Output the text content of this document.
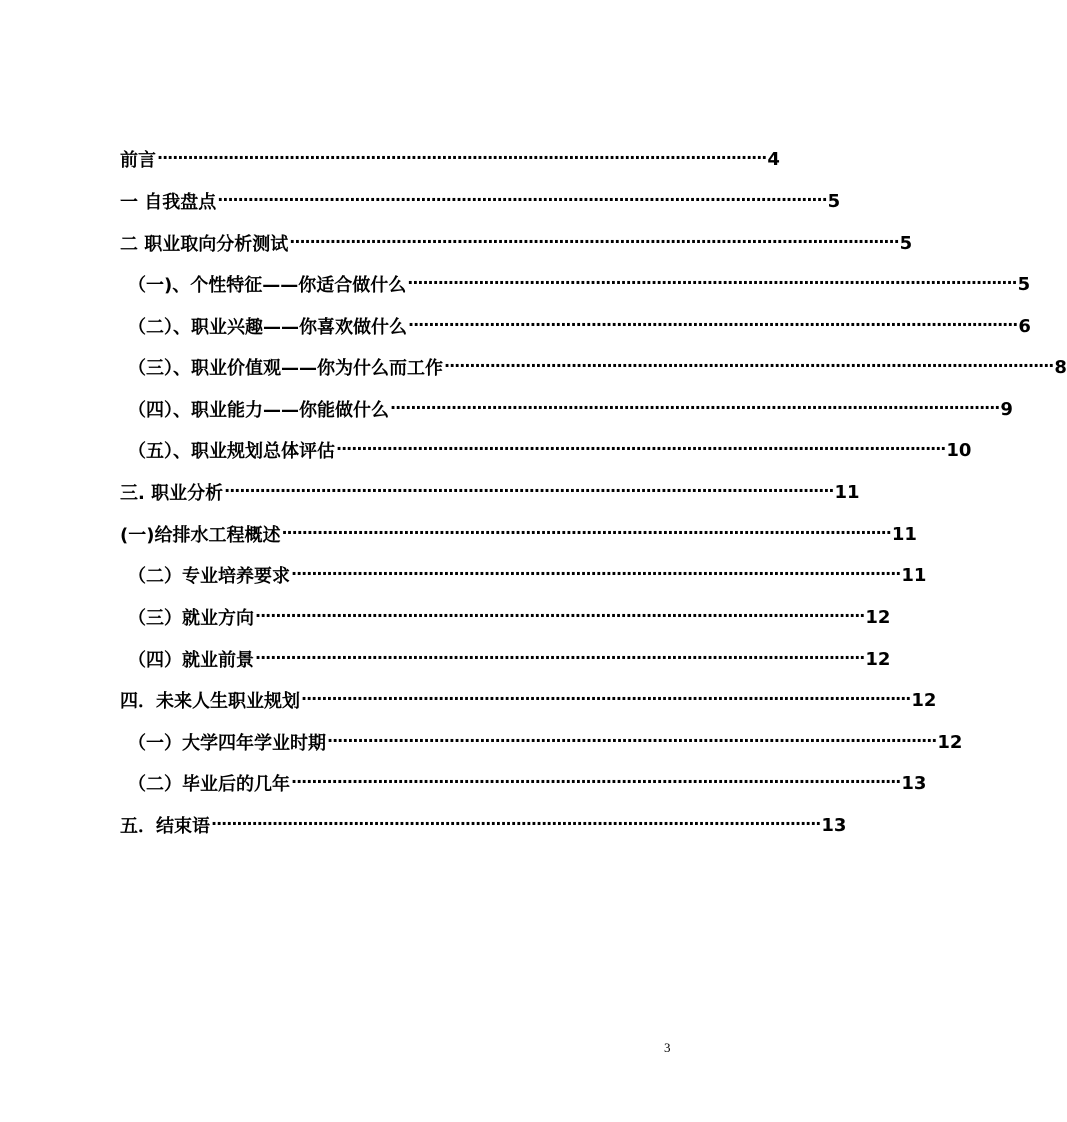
前言 ························································································································ 4
一 自我盘点 ························································································································ 5
二 职业取向分析测试 ························································································································ 5
（一)、个性特征——你适合做什么 ························································································································ 5
（二）、职业兴趣——你喜欢做什么 ························································································································ 6
（三）、职业价值观——你为什么而工作 ························································································································ 8
（四）、职业能力——你能做什么 ························································································································ 9
（五）、职业规划总体评估 ························································································································ 10
三. 职业分析 ························································································································ 11
(一)给排水工程概述 ························································································································ 11
（二）专业培养要求 ························································································································ 11
（三）就业方向 ························································································································ 12
（四）就业前景 ························································································································ 12
四．未来人生职业规划 ························································································································ 12
（一）大学四年学业时期 ························································································································ 12
（二）毕业后的几年 ························································································································ 13
五．结束语 ························································································································ 13
3
